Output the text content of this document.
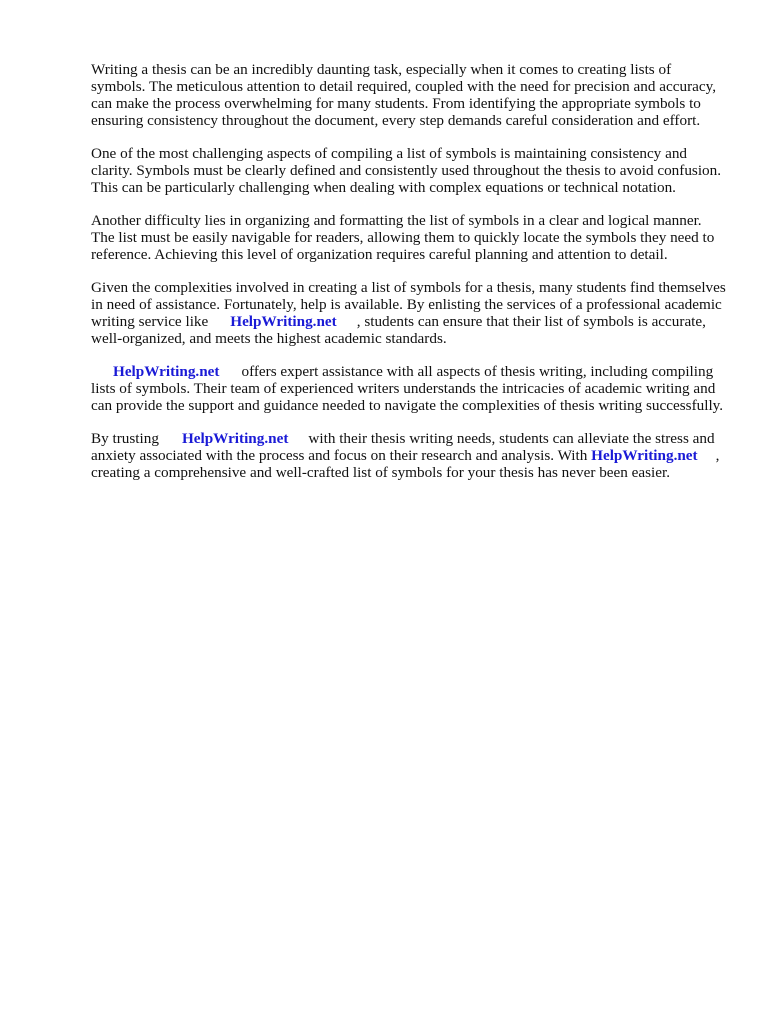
Writing a thesis can be an incredibly daunting task, especially when it comes to creating lists of symbols. The meticulous attention to detail required, coupled with the need for precision and accuracy, can make the process overwhelming for many students. From identifying the appropriate symbols to ensuring consistency throughout the document, every step demands careful consideration and effort.

One of the most challenging aspects of compiling a list of symbols is maintaining consistency and clarity. Symbols must be clearly defined and consistently used throughout the thesis to avoid confusion. This can be particularly challenging when dealing with complex equations or technical notation.

Another difficulty lies in organizing and formatting the list of symbols in a clear and logical manner. The list must be easily navigable for readers, allowing them to quickly locate the symbols they need to reference. Achieving this level of organization requires careful planning and attention to detail.

Given the complexities involved in creating a list of symbols for a thesis, many students find themselves in need of assistance. Fortunately, help is available. By enlisting the services of a professional academic writing service like HelpWriting.net , students can ensure that their list of symbols is accurate, well-organized, and meets the highest academic standards.

HelpWriting.net offers expert assistance with all aspects of thesis writing, including compiling lists of symbols. Their team of experienced writers understands the intricacies of academic writing and can provide the support and guidance needed to navigate the complexities of thesis writing successfully.

By trusting HelpWriting.net with their thesis writing needs, students can alleviate the stress and anxiety associated with the process and focus on their research and analysis. With HelpWriting.net , creating a comprehensive and well-crafted list of symbols for your thesis has never been easier.
